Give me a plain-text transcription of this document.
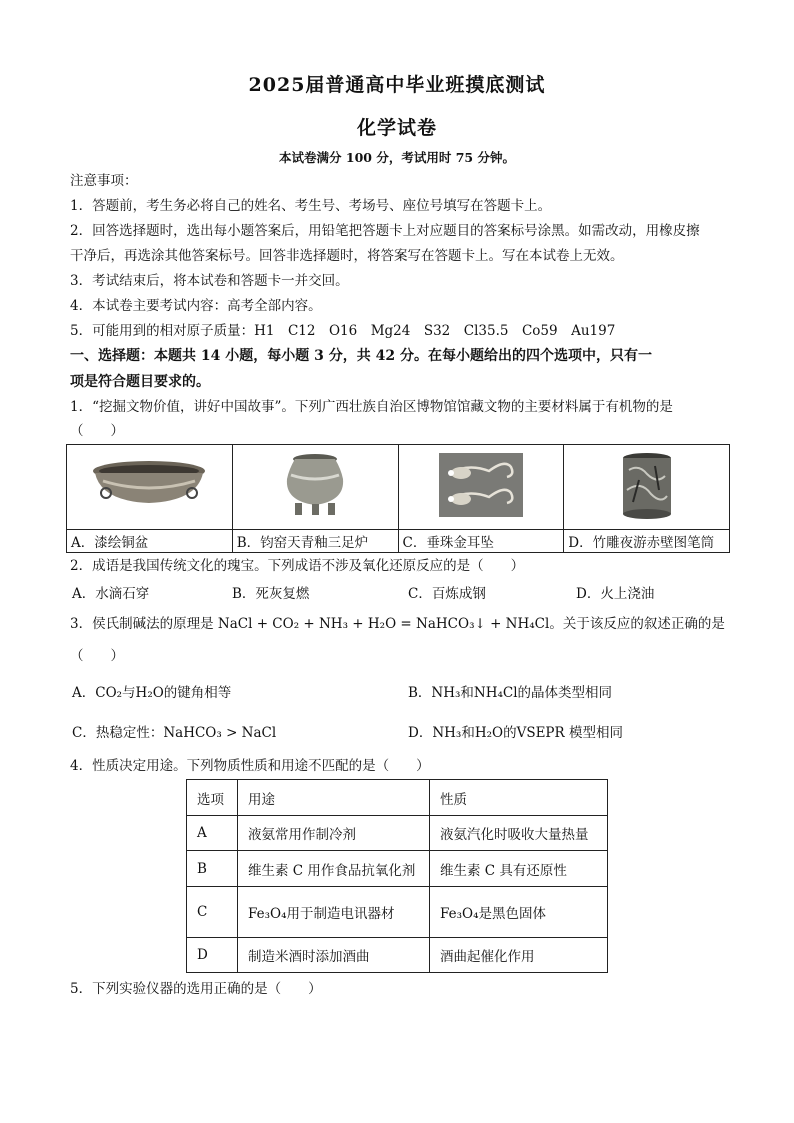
2025届普通高中毕业班摸底测试
化学试卷
本试卷满分 100 分，考试用时 75 分钟。
注意事项：
1．答题前，考生务必将自己的姓名、考生号、考场号、座位号填写在答题卡上。
2．回答选择题时，选出每小题答案后，用铅笔把答题卡上对应题目的答案标号涂黑。如需改动，用橡皮擦
干净后，再选涂其他答案标号。回答非选择题时，将答案写在答题卡上。写在本试卷上无效。
3．考试结束后，将本试卷和答题卡一并交回。
4．本试卷主要考试内容：高考全部内容。
5．可能用到的相对原子质量：H1　C12　O16　Mg24　S32　Cl35.5　Co59　Au197
一、选择题：本题共 14 小题，每小题 3 分，共 42 分。在每小题给出的四个选项中，只有一
项是符合题目要求的。
1．“挖掘文物价值，讲好中国故事”。下列广西壮族自治区博物馆馆藏文物的主要材料属于有机物的是
（　　）

A．漆绘铜盆	B．钧窑天青釉三足炉	C．垂珠金耳坠	D．竹雕夜游赤壁图笔筒
2．成语是我国传统文化的瑰宝。下列成语不涉及氧化还原反应的是（　　）
A．水滴石穿	B．死灰复燃	C．百炼成钢	D．火上浇油
3．侯氏制碱法的原理是 NaCl + CO₂ + NH₃ + H₂O = NaHCO₃↓ + NH₄Cl。关于该反应的叙述正确的是
（　　）
A．CO₂与H₂O的键角相等	B．NH₃和NH₄Cl的晶体类型相同
C．热稳定性：NaHCO₃ > NaCl	D．NH₃和H₂O的VSEPR 模型相同
4．性质决定用途。下列物质性质和用途不匹配的是（　　）
选项	用途	性质
A	液氨常用作制冷剂	液氨汽化时吸收大量热量
B	维生素 C 用作食品抗氧化剂	维生素 C 具有还原性
C	Fe₃O₄用于制造电讯器材	Fe₃O₄是黑色固体
D	制造米酒时添加酒曲	酒曲起催化作用
5．下列实验仪器的选用正确的是（　　）
